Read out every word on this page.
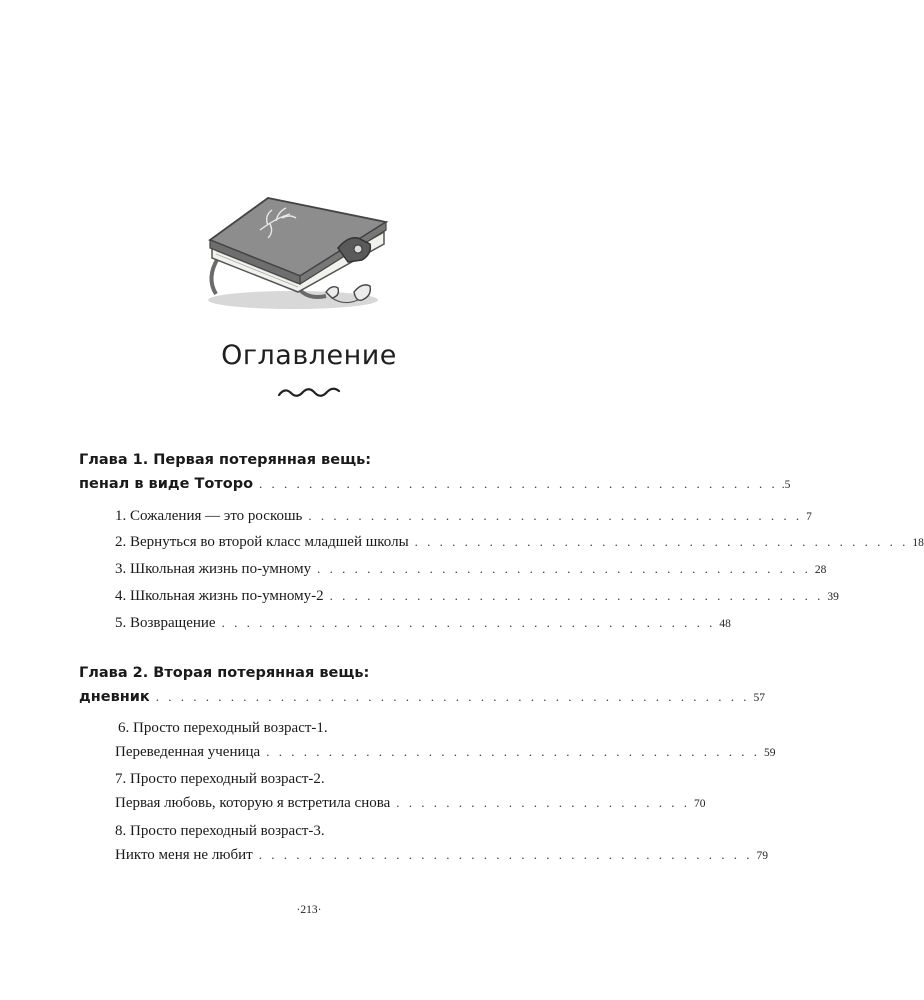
Оглавление
Глава 1. Первая потерянная вещь:
пенал в виде Тоторо . . . . . . . . . . . . . . . . . . . . . . . . . . . . . . . . . . . . . . . . . . .5
1. Сожаления — это роскошь . . . . . . . . . . . . . . . . . . . . . . . . . . . . . . . . . . . . . . . . 7
2. Вернуться во второй класс младшей школы . . . . . . . . . . . . . . . . . . . . . . . . . . . . . . . . . . . . . . . . 18
3. Школьная жизнь по-умному . . . . . . . . . . . . . . . . . . . . . . . . . . . . . . . . . . . . . . . . 28
4. Школьная жизнь по-умному-2 . . . . . . . . . . . . . . . . . . . . . . . . . . . . . . . . . . . . . . . . 39
5. Возвращение . . . . . . . . . . . . . . . . . . . . . . . . . . . . . . . . . . . . . . . . 48
Глава 2. Вторая потерянная вещь:
дневник . . . . . . . . . . . . . . . . . . . . . . . . . . . . . . . . . . . . . . . . . . . . . . . . 57
6. Просто переходный возраст-1.
Переведенная ученица . . . . . . . . . . . . . . . . . . . . . . . . . . . . . . . . . . . . . . . . 59
7. Просто переходный возраст-2.
Первая любовь, которую я встретила снова . . . . . . . . . . . . . . . . . . . . . . . . 70
8. Просто переходный возраст-3.
Никто меня не любит . . . . . . . . . . . . . . . . . . . . . . . . . . . . . . . . . . . . . . . . 79
·213·
